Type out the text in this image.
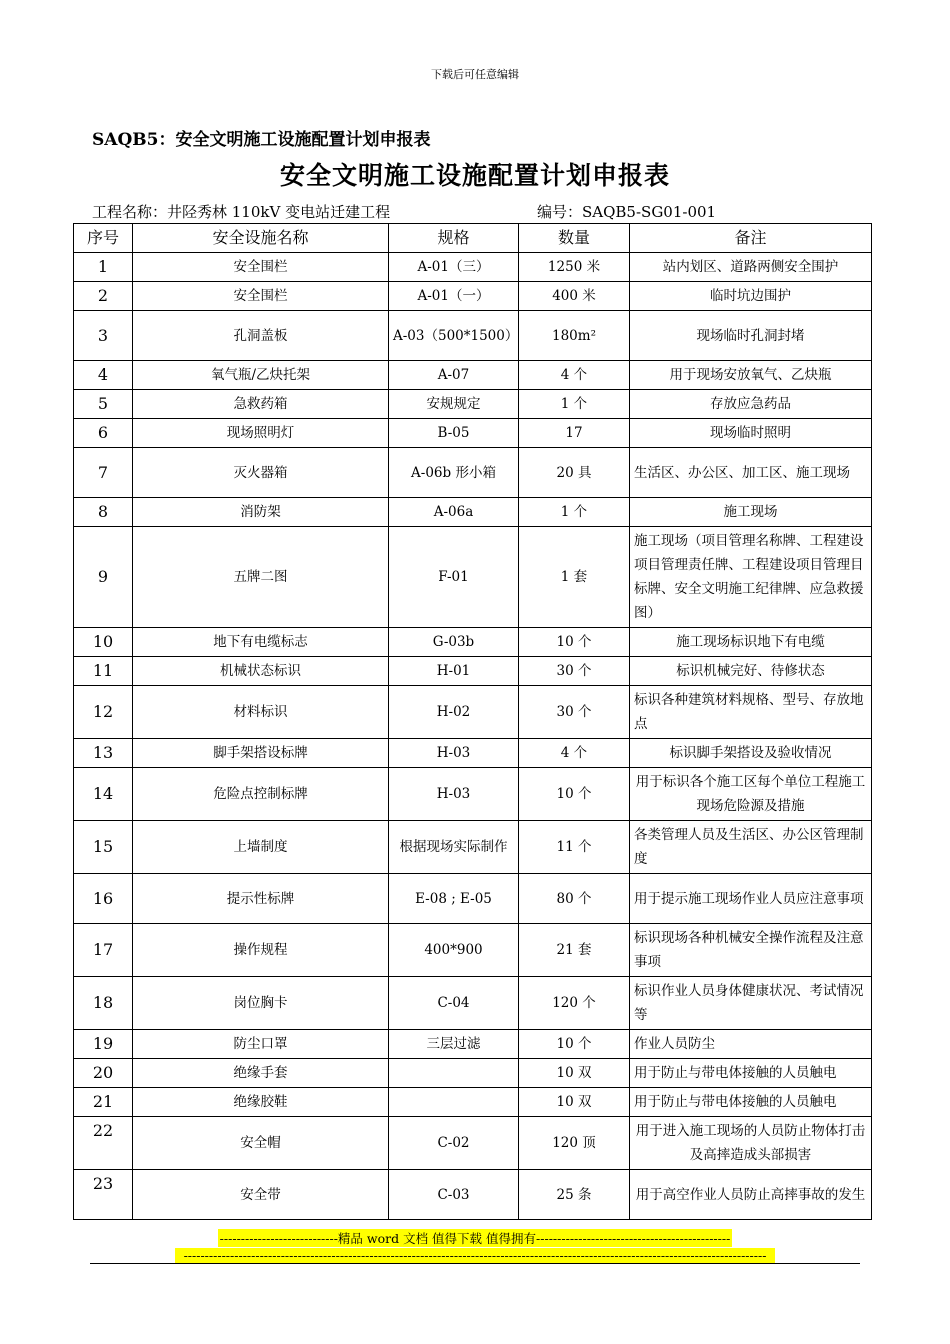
下载后可任意编辑
SAQB5：安全文明施工设施配置计划申报表
安全文明施工设施配置计划申报表
工程名称：井陉秀林 110kV 变电站迁建工程	编号：SAQB5-SG01-001
序号	安全设施名称	规格	数量	备注
1	安全围栏	A-01（三）	1250 米	站内划区、道路两侧安全围护
2	安全围栏	A-01（一）	400 米	临时坑边围护
3	孔洞盖板	A-03（500*1500）	180m²	现场临时孔洞封堵
4	氧气瓶/乙炔托架	A-07	4 个	用于现场安放氧气、乙炔瓶
5	急救药箱	安规规定	1 个	存放应急药品
6	现场照明灯	B-05	17	现场临时照明
7	灭火器箱	A-06b 形小箱	20 具	生活区、办公区、加工区、施工现场
8	消防架	A-06a	1 个	施工现场
9	五牌二图	F-01	1 套	施工现场（项目管理名称牌、工程建设项目管理责任牌、工程建设项目管理目标牌、安全文明施工纪律牌、应急救援图）
10	地下有电缆标志	G-03b	10 个	施工现场标识地下有电缆
11	机械状态标识	H-01	30 个	标识机械完好、待修状态
12	材料标识	H-02	30 个	标识各种建筑材料规格、型号、存放地点
13	脚手架搭设标牌	H-03	4 个	标识脚手架搭设及验收情况
14	危险点控制标牌	H-03	10 个	用于标识各个施工区每个单位工程施工现场危险源及措施
15	上墙制度	根据现场实际制作	11 个	各类管理人员及生活区、办公区管理制度
16	提示性标牌	E-08 ; E-05	80 个	用于提示施工现场作业人员应注意事项
17	操作规程	400*900	21 套	标识现场各种机械安全操作流程及注意事项
18	岗位胸卡	C-04	120 个	标识作业人员身体健康状况、考试情况等
19	防尘口罩	三层过滤	10 个	作业人员防尘
20	绝缘手套		10 双	用于防止与带电体接触的人员触电
21	绝缘胶鞋		10 双	用于防止与带电体接触的人员触电
22	安全帽	C-02	120 顶	用于进入施工现场的人员防止物体打击及高摔造成头部损害
23	安全带	C-03	25 条	用于高空作业人员防止高摔事故的发生
----------------------------精品 word 文档 值得下载 值得拥有----------------------------------------------
------------------------------------------------------------------------------------------------------------------------------------------
